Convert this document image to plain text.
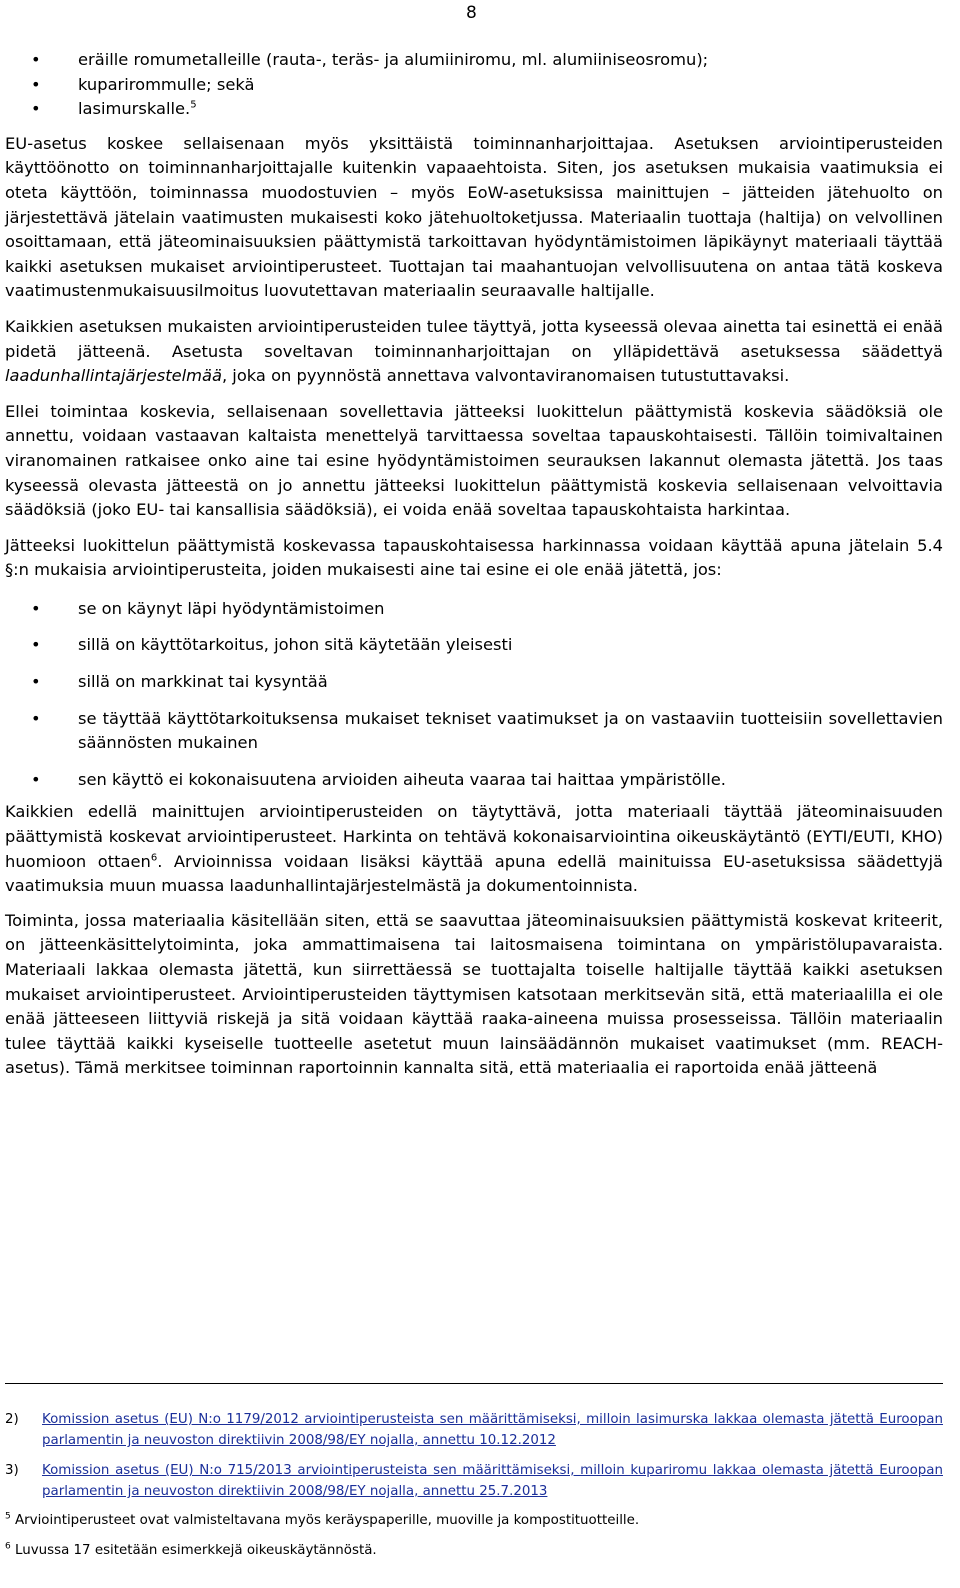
8
• eräille romumetalleille (rauta-, teräs- ja alumiiniromu, ml. alumiiniseosromu);
• kuparirommulle; sekä
• lasimurskalle.$^5$

EU-asetus koskee sellaisenaan myös yksittäistä toiminnanharjoittajaa. Asetuksen arviointiperusteiden käyttöönotto on toiminnanharjoittajalle kuitenkin vapaaehtoista. Siten, jos asetuksen mukaisia vaatimuksia ei oteta käyttöön, toiminnassa muodostuvien – myös EoW-asetuksissa mainittujen – jätteiden jätehuolto on järjestettävä jätelain vaatimusten mukaisesti koko jätehuoltoketjussa. Materiaalin tuottaja (haltija) on velvollinen osoittamaan, että jäteominaisuuksien päättymistä tarkoittavan hyödyntämistoimen läpikäynyt materiaali täyttää kaikki asetuksen mukaiset arviointiperusteet. Tuottajan tai maahantuojan velvollisuutena on antaa tätä koskeva vaatimustenmukaisuusilmoitus luovutettavan materiaalin seuraavalle haltijalle.

Kaikkien asetuksen mukaisten arviointiperusteiden tulee täyttyä, jotta kyseessä olevaa ainetta tai esinettä ei enää pidetä jätteenä. Asetusta soveltavan toiminnanharjoittajan on ylläpidettävä asetuksessa säädettyä laadunhallintajärjestelmää, joka on pyynnöstä annettava valvontaviranomaisen tutustuttavaksi.

Ellei toimintaa koskevia, sellaisenaan sovellettavia jätteeksi luokittelun päättymistä koskevia säädöksiä ole annettu, voidaan vastaavan kaltaista menettelyä tarvittaessa soveltaa tapauskohtaisesti. Tällöin toimivaltainen viranomainen ratkaisee onko aine tai esine hyödyntämistoimen seurauksen lakannut olemasta jätettä. Jos taas kyseessä olevasta jätteestä on jo annettu jätteeksi luokittelun päättymistä koskevia sellaisenaan velvoittavia säädöksiä (joko EU- tai kansallisia säädöksiä), ei voida enää soveltaa tapauskohtaista harkintaa.

Jätteeksi luokittelun päättymistä koskevassa tapauskohtaisessa harkinnassa voidaan käyttää apuna jätelain 5.4 §:n mukaisia arviointiperusteita, joiden mukaisesti aine tai esine ei ole enää jätettä, jos:

• se on käynyt läpi hyödyntämistoimen
• sillä on käyttötarkoitus, johon sitä käytetään yleisesti
• sillä on markkinat tai kysyntää
• se täyttää käyttötarkoituksensa mukaiset tekniset vaatimukset ja on vastaaviin tuotteisiin sovellettavien säännösten mukainen
• sen käyttö ei kokonaisuutena arvioiden aiheuta vaaraa tai haittaa ympäristölle.

Kaikkien edellä mainittujen arviointiperusteiden on täytyttävä, jotta materiaali täyttää jäteominaisuuden päättymistä koskevat arviointiperusteet. Harkinta on tehtävä kokonaisarviointina oikeuskäytäntö (EYTI/EUTI, KHO) huomioon ottaen$^6$. Arvioinnissa voidaan lisäksi käyttää apuna edellä mainituissa EU-asetuksissa säädettyjä vaatimuksia muun muassa laadunhallintajärjestelmästä ja dokumentoinnista.

Toiminta, jossa materiaalia käsitellään siten, että se saavuttaa jäteominaisuuksien päättymistä koskevat kriteerit, on jätteenkäsittelytoiminta, joka ammattimaisena tai laitosmaisena toimintana on ympäristölupavaraista. Materiaali lakkaa olemasta jätettä, kun siirrettäessä se tuottajalta toiselle haltijalle täyttää kaikki asetuksen mukaiset arviointiperusteet. Arviointiperusteiden täyttymisen katsotaan merkitsevän sitä, että materiaalilla ei ole enää jätteeseen liittyviä riskejä ja sitä voidaan käyttää raaka-aineena muissa prosesseissa. Tällöin materiaalin tulee täyttää kaikki kyseiselle tuotteelle asetetut muun lainsäädännön mukaiset vaatimukset (mm. REACH-asetus). Tämä merkitsee toiminnan raportoinnin kannalta sitä, että materiaalia ei raportoida enää jätteenä

2) Komission asetus (EU) N:o 1179/2012 arviointiperusteista sen määrittämiseksi, milloin lasimurska lakkaa olemasta jätettä Euroopan parlamentin ja neuvoston direktiivin 2008/98/EY nojalla, annettu 10.12.2012
3) Komission asetus (EU) N:o 715/2013 arviointiperusteista sen määrittämiseksi, milloin kupariromu lakkaa olemasta jätettä Euroopan parlamentin ja neuvoston direktiivin 2008/98/EY nojalla, annettu 25.7.2013
$^5$ Arviointiperusteet ovat valmisteltavana myös keräyspaperille, muoville ja kompostituotteille.
$^6$ Luvussa 17 esitetään esimerkkejä oikeuskäytännöstä.
